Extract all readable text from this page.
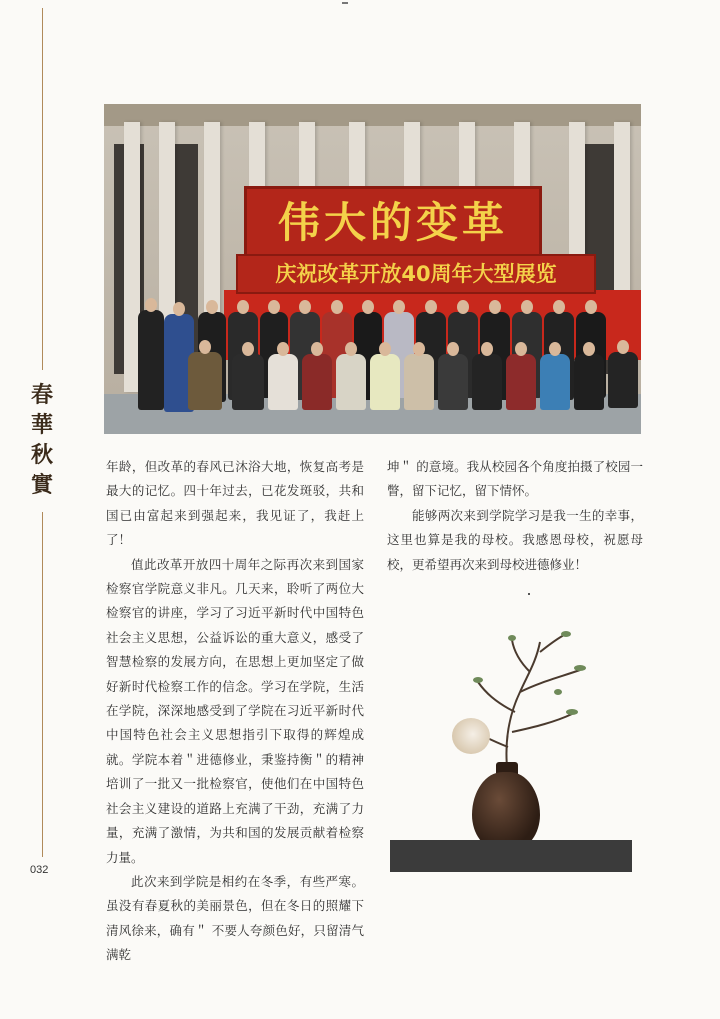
春
華
秋
實
032
伟大的变革
庆祝改革开放40周年大型展览

年龄，但改革的春风已沐浴大地，恢复高考是最大的记忆。四十年过去，已花发斑驳，共和国已由富起来到强起来，我见证了，我赶上了！

值此改革开放四十周年之际再次来到国家检察官学院意义非凡。几天来，聆听了两位大检察官的讲座，学习了习近平新时代中国特色社会主义思想，公益诉讼的重大意义，感受了智慧检察的发展方向，在思想上更加坚定了做好新时代检察工作的信念。学习在学院，生活在学院，深深地感受到了学院在习近平新时代中国特色社会主义思想指引下取得的辉煌成就。学院本着＂进德修业，秉鉴持衡＂的精神培训了一批又一批检察官，使他们在中国特色社会主义建设的道路上充满了干劲，充满了力量，充满了激情，为共和国的发展贡献着检察力量。

此次来到学院是相约在冬季，有些严寒。虽没有春夏秋的美丽景色，但在冬日的照耀下清风徐来，确有＂ 不要人夸颜色好，只留清气满乾

坤＂ 的意境。我从校园各个角度拍摄了校园一瞥，留下记忆，留下情怀。

能够两次来到学院学习是我一生的幸事，这里也算是我的母校。我感恩母校，祝愿母校，更希望再次来到母校进德修业！
